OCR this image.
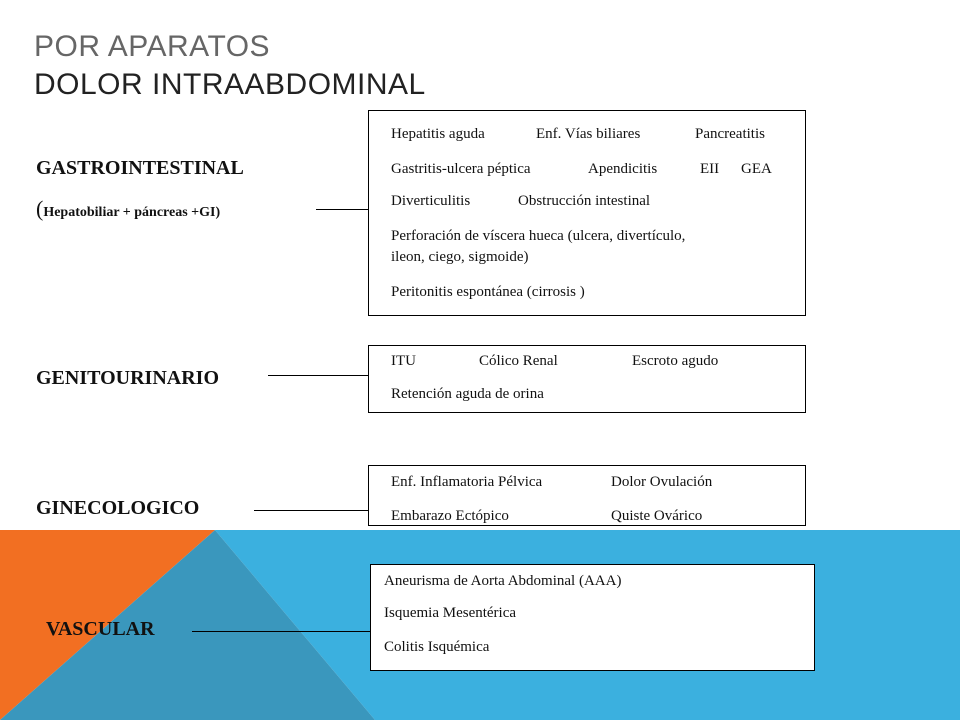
POR APARATOS
DOLOR INTRAABDOMINAL
GASTROINTESTINAL
(Hepatobiliar + páncreas +GI)
Hepatitis aguda	Enf. Vías biliares	Pancreatitis
Gastritis-ulcera péptica	Apendicitis	EII GEA
Diverticulitis	Obstrucción intestinal
Perforación de víscera hueca (ulcera, divertículo,
ileon, ciego, sigmoide)
Peritonitis espontánea (cirrosis )
GENITOURINARIO
ITU	Cólico Renal	Escroto agudo
Retención aguda de orina
GINECOLOGICO
Enf. Inflamatoria Pélvica	Dolor Ovulación
Embarazo Ectópico	Quiste Ovárico
VASCULAR
Aneurisma de Aorta Abdominal (AAA)
Isquemia Mesentérica
Colitis Isquémica
